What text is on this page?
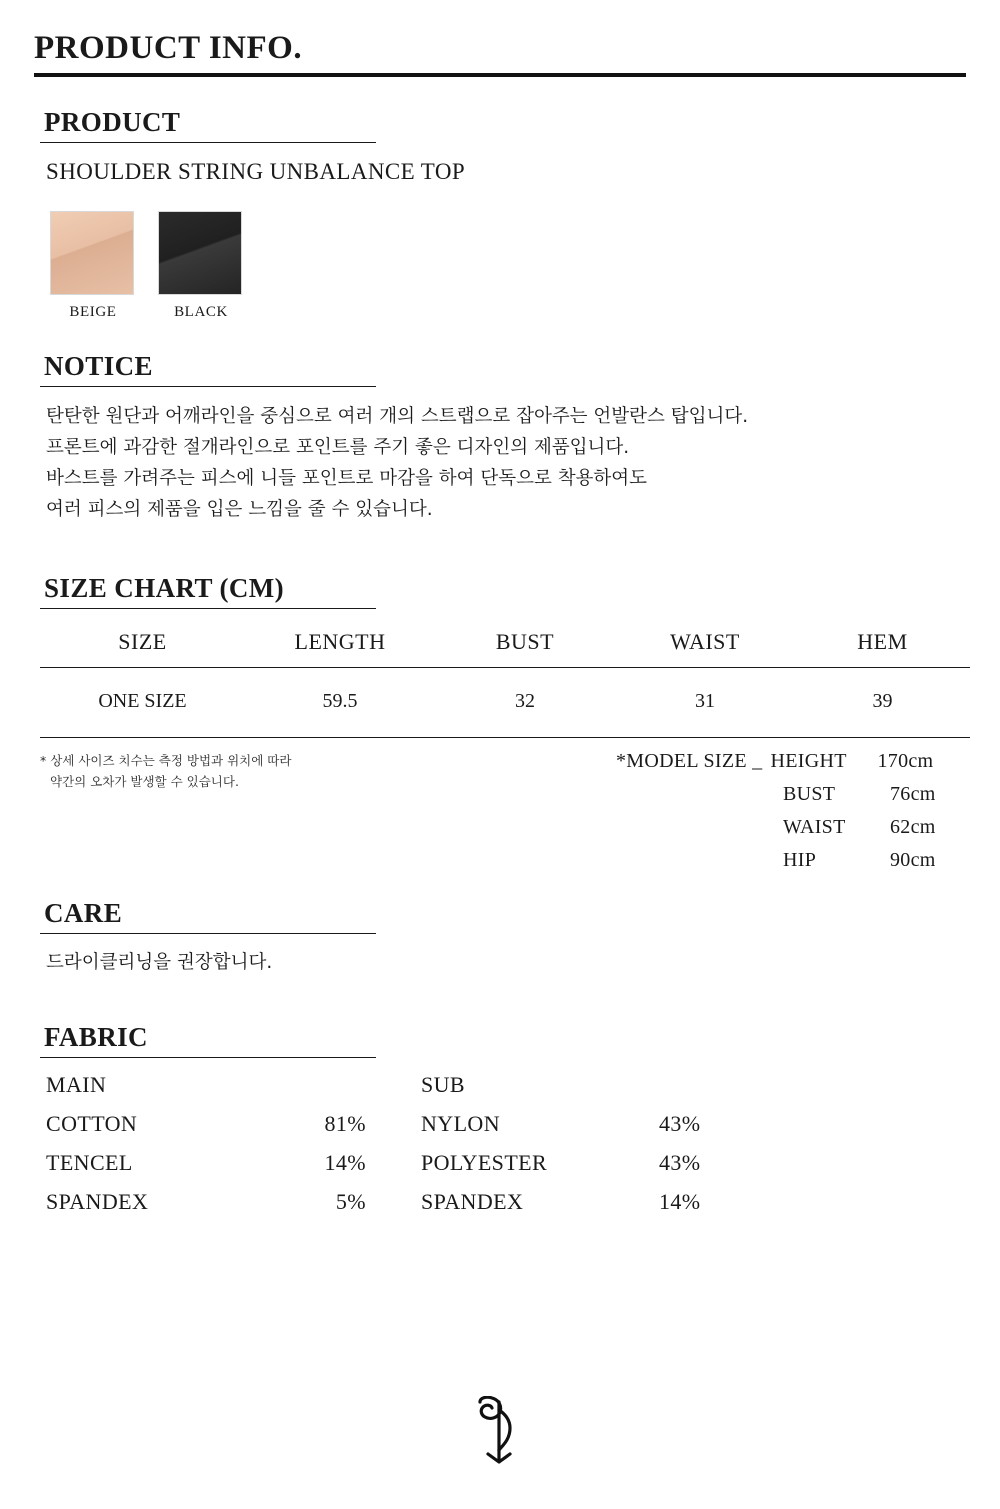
PRODUCT INFO.
PRODUCT
SHOULDER STRING UNBALANCE TOP
BEIGE	BLACK
NOTICE
탄탄한 원단과 어깨라인을 중심으로 여러 개의 스트랩으로 잡아주는 언발란스 탑입니다.
프론트에 과감한 절개라인으로 포인트를 주기 좋은 디자인의 제품입니다.
바스트를 가려주는 피스에 니들 포인트로 마감을 하여 단독으로 착용하여도
여러 피스의 제품을 입은 느낌을 줄 수 있습니다.
SIZE CHART (CM)
SIZE	LENGTH	BUST	WAIST	HEM
ONE SIZE	59.5	32	31	39
* 상세 사이즈 치수는 측정 방법과 위치에 따라
약간의 오차가 발생할 수 있습니다.
*MODEL SIZE _ HEIGHT	170cm
BUST	76cm
WAIST	62cm
HIP	90cm
CARE
드라이클리닝을 권장합니다.
FABRIC
MAIN
COTTON	81%
TENCEL	14%
SPANDEX	5%
SUB
NYLON	43%
POLYESTER	43%
SPANDEX	14%
